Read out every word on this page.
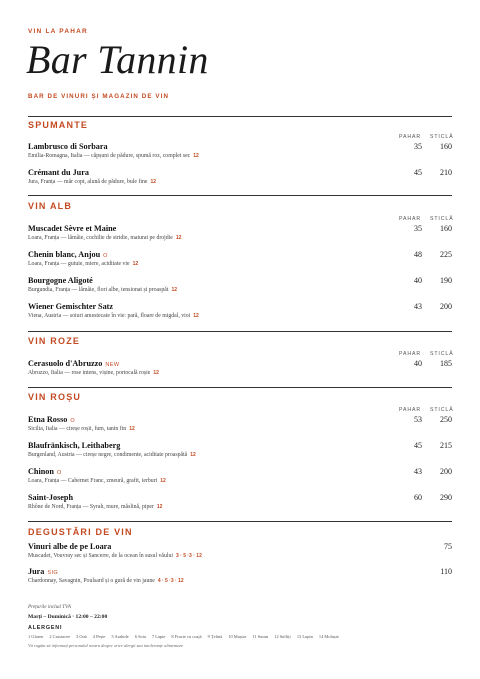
VIN LA PAHAR
Bar Tannin
BAR DE VINURI ȘI MAGAZIN DE VIN
SPUMANTE
PAHAR STICLĂ
Lambrusco di Sorbara
Emilia-Romagna, Italia — căpșuni de pădure, spumă roz, complet sec 12
35 160
Crémant du Jura
Jura, Franța — măr copt, alună de pădure, bule fine 12
45 210
VIN ALB
PAHAR STICLĂ
Muscadet Sèvre et Maine
Loara, Franța — lămâie, cochilie de stridie, maturat pe drojdie 12
35 160
Chenin blanc, Anjou O
Loara, Franța — gutuie, miere, aciditate vie 12
48 225
Bourgogne Aligoté
Burgundia, Franța — lămâie, flori albe, tensionat și proaspăt 12
40 190
Wiener Gemischter Satz
Viena, Austria — soiuri amestecate în vie: pară, floare de migdal, vioi 12
43 200
VIN ROZE
PAHAR STICLĂ
Cerasuolo d'Abruzzo NEW
Abruzzo, Italia — rose intens, vișine, portocală roșie 12
40 185
VIN ROȘU
PAHAR STICLĂ
Etna Rosso O
Sicilia, Italia — cireșe roșii, fum, tanin fin 12
53 250
Blaufränkisch, Leithaberg
Burgenland, Austria — cireșe negre, condimente, aciditate proaspătă 12
45 215
Chinon O
Loara, Franța — Cabernet Franc, zmeură, grafit, ierburi 12
43 200
Saint-Joseph
Rhône de Nord, Franța — Syrah, mure, măslină, piper 12
60 290
DEGUSTĂRI DE VIN
Vinuri albe de pe Loara
Muscadet, Vouvray sec și Sancerre, de la ocean în susul văului 3 · 5 ·3 · 12
75
Jura SIG
Chardonnay, Savagnin, Poulsard și o gură de vin jaune 4 · 5 ·3 · 12
110
Prețurile includ TVA
Marți – Duminică · 12:00 – 22:00
ALERGENI
1 Gluten 2 Crustacee 3 Ouă 4 Pește 5 Arahide 6 Soia 7 Lapte 8 Fructe cu coajă 9 Țelină 10 Muștar 11 Susan 12 Sulfiți 13 Lupin 14 Moluște
Vă rugăm să informați personalul nostru despre orice alergii sau intoleranțe alimentare
